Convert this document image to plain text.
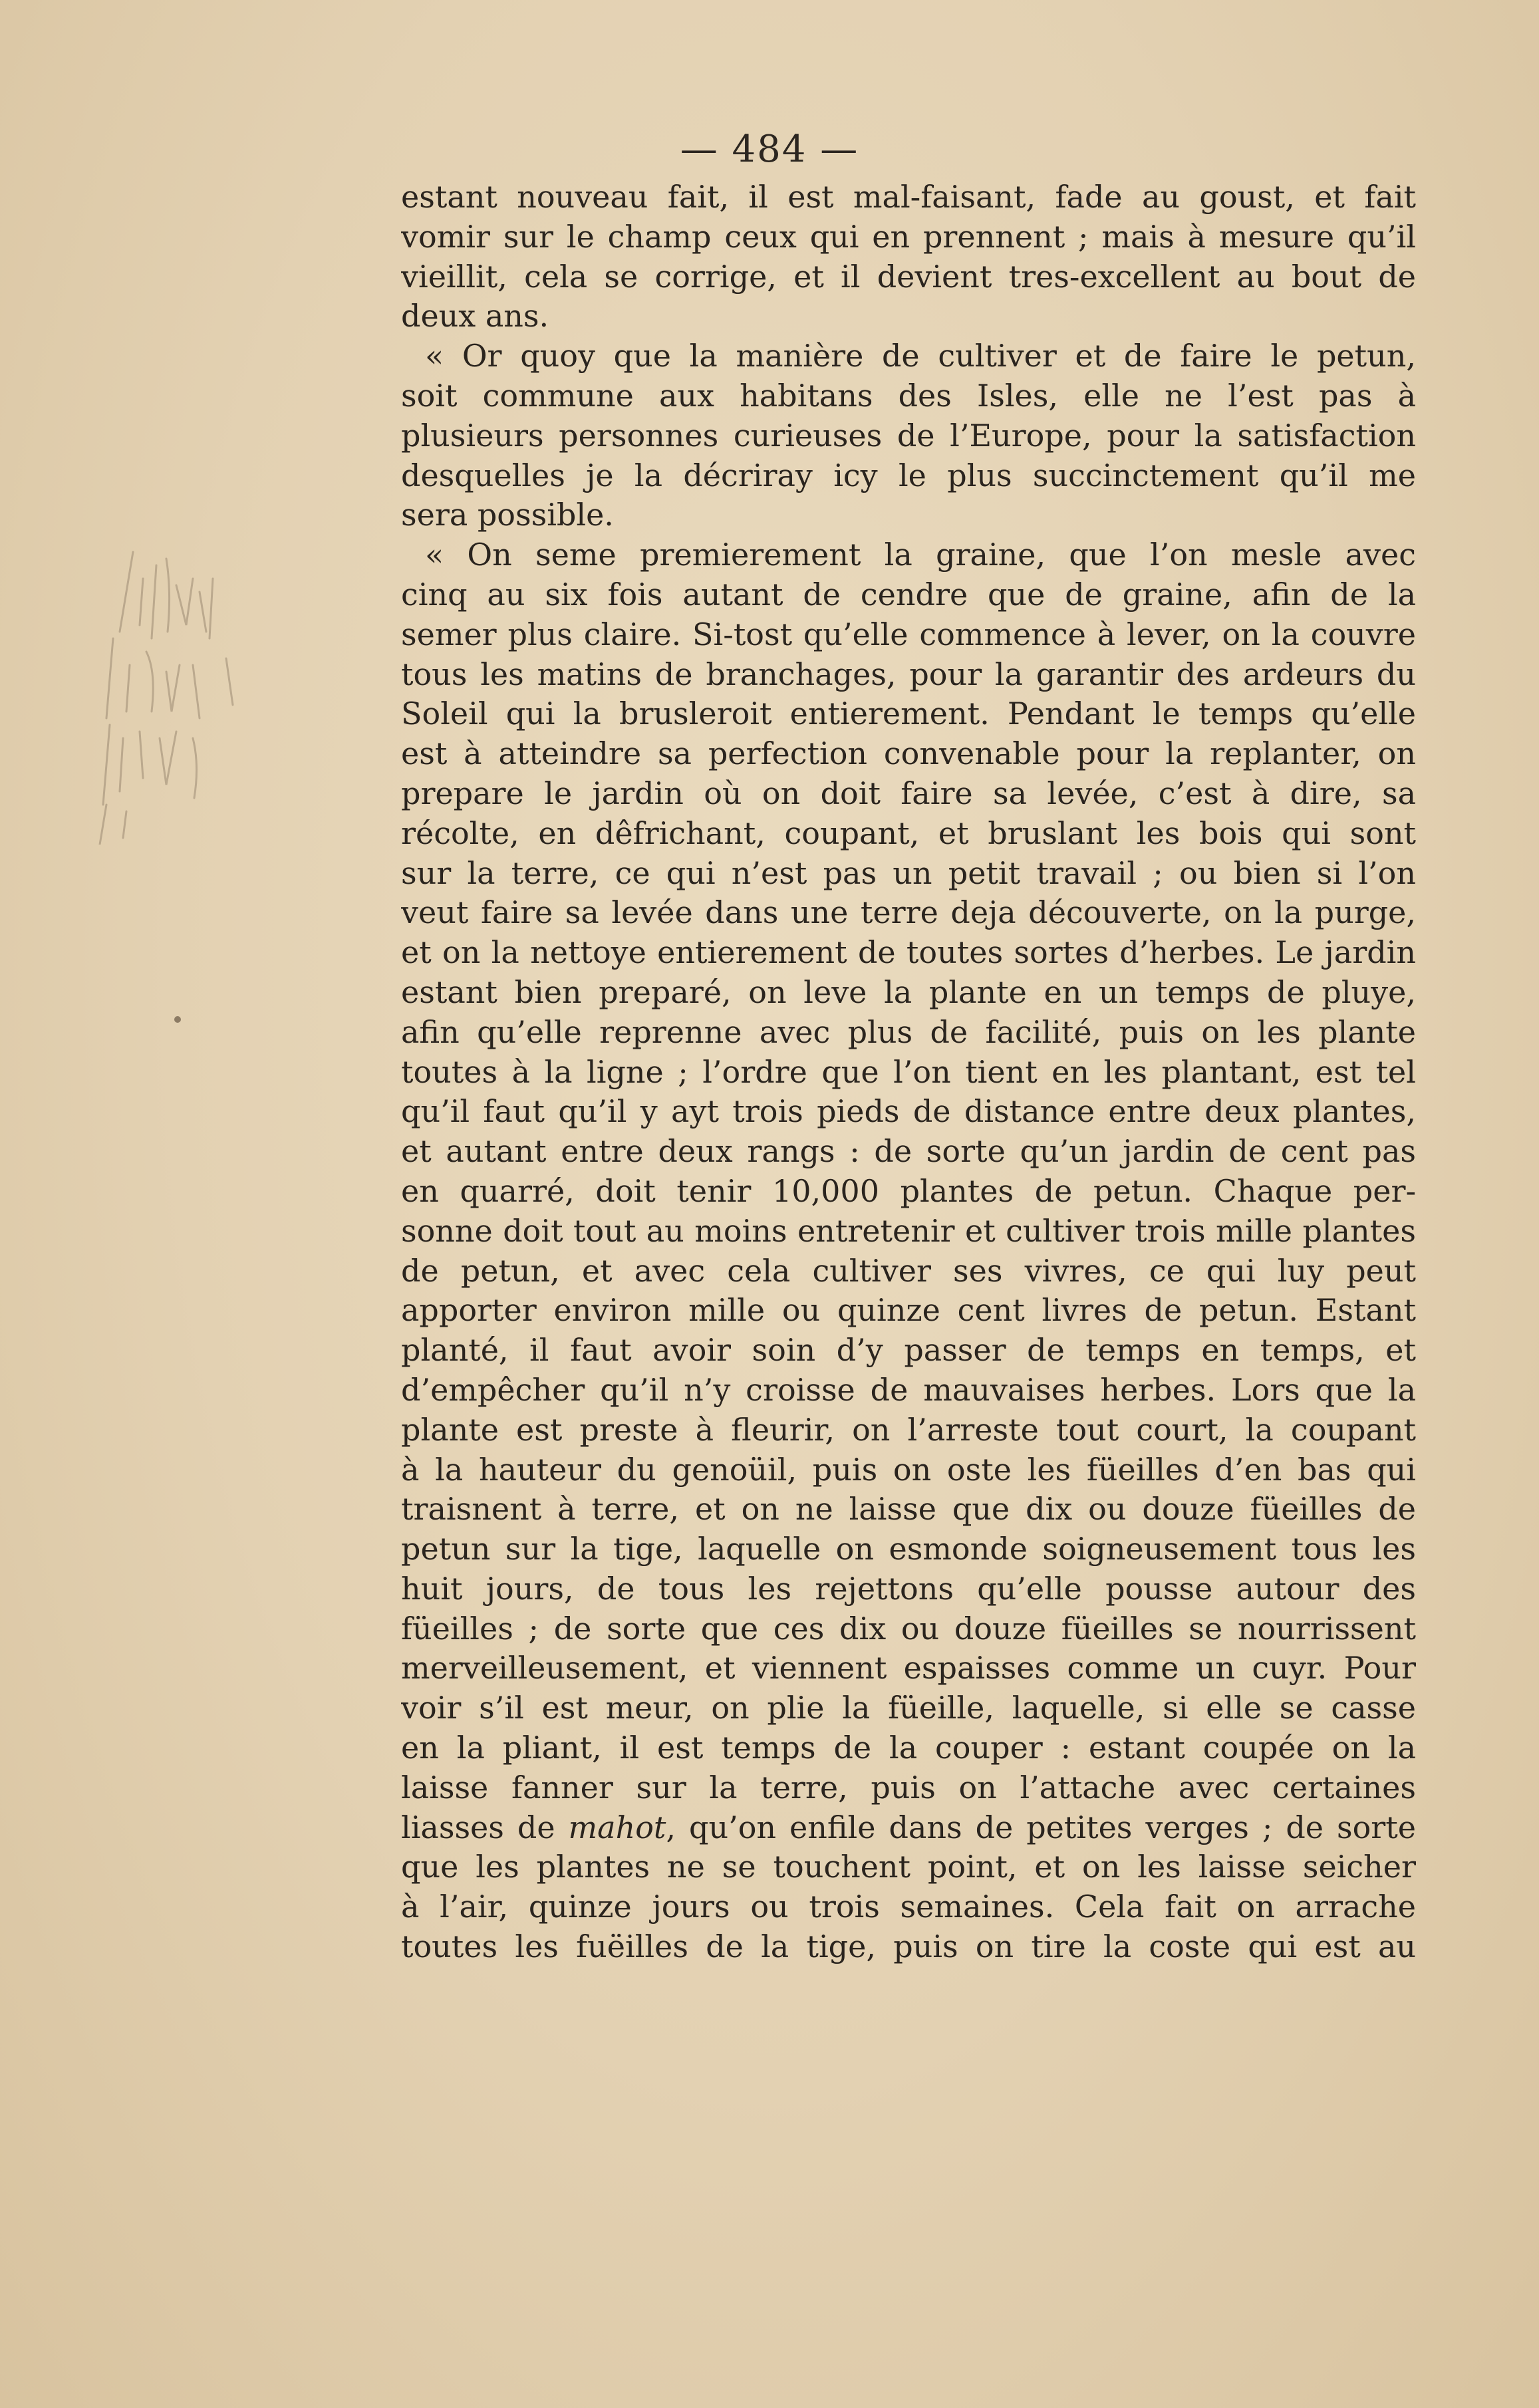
— 484 —
estant nouveau fait, il est mal-faisant, fade au goust, et fait
vomir sur le champ ceux qui en prennent ; mais à mesure qu’il
vieillit, cela se corrige, et il devient tres-excellent au bout de
deux ans.
« Or quoy que la manière de cultiver et de faire le petun,
soit commune aux habitans des Isles, elle ne l’est pas à
plusieurs personnes curieuses de l’Europe, pour la satisfaction
desquelles je la décriray icy le plus succinctement qu’il me
sera possible.
« On seme premierement la graine, que l’on mesle avec
cinq au six fois autant de cendre que de graine, afin de la
semer plus claire. Si-tost qu’elle commence à lever, on la couvre
tous les matins de branchages, pour la garantir des ardeurs du
Soleil qui la brusleroit entierement. Pendant le temps qu’elle
est à atteindre sa perfection convenable pour la replanter, on
prepare le jardin où on doit faire sa levée, c’est à dire, sa
récolte, en dêfrichant, coupant, et bruslant les bois qui sont
sur la terre, ce qui n’est pas un petit travail ; ou bien si l’on
veut faire sa levée dans une terre deja découverte, on la purge,
et on la nettoye entierement de toutes sortes d’herbes. Le jardin
estant bien preparé, on leve la plante en un temps de pluye,
afin qu’elle reprenne avec plus de facilité, puis on les plante
toutes à la ligne ; l’ordre que l’on tient en les plantant, est tel
qu’il faut qu’il y ayt trois pieds de distance entre deux plantes,
et autant entre deux rangs : de sorte qu’un jardin de cent pas
en quarré, doit tenir 10,000 plantes de petun. Chaque per-
sonne doit tout au moins entretenir et cultiver trois mille plantes
de petun, et avec cela cultiver ses vivres, ce qui luy peut
apporter environ mille ou quinze cent livres de petun. Estant
planté, il faut avoir soin d’y passer de temps en temps, et
d’empêcher qu’il n’y croisse de mauvaises herbes. Lors que la
plante est preste à fleurir, on l’arreste tout court, la coupant
à la hauteur du genoüil, puis on oste les füeilles d’en bas qui
traisnent à terre, et on ne laisse que dix ou douze füeilles de
petun sur la tige, laquelle on esmonde soigneusement tous les
huit jours, de tous les rejettons qu’elle pousse autour des
füeilles ; de sorte que ces dix ou douze füeilles se nourrissent
merveilleusement, et viennent espaisses comme un cuyr. Pour
voir s’il est meur, on plie la füeille, laquelle, si elle se casse
en la pliant, il est temps de la couper : estant coupée on la
laisse fanner sur la terre, puis on l’attache avec certaines
liasses de mahot, qu’on enfile dans de petites verges ; de sorte
que les plantes ne se touchent point, et on les laisse seicher
à l’air, quinze jours ou trois semaines. Cela fait on arrache
toutes les fuëilles de la tige, puis on tire la coste qui est au
